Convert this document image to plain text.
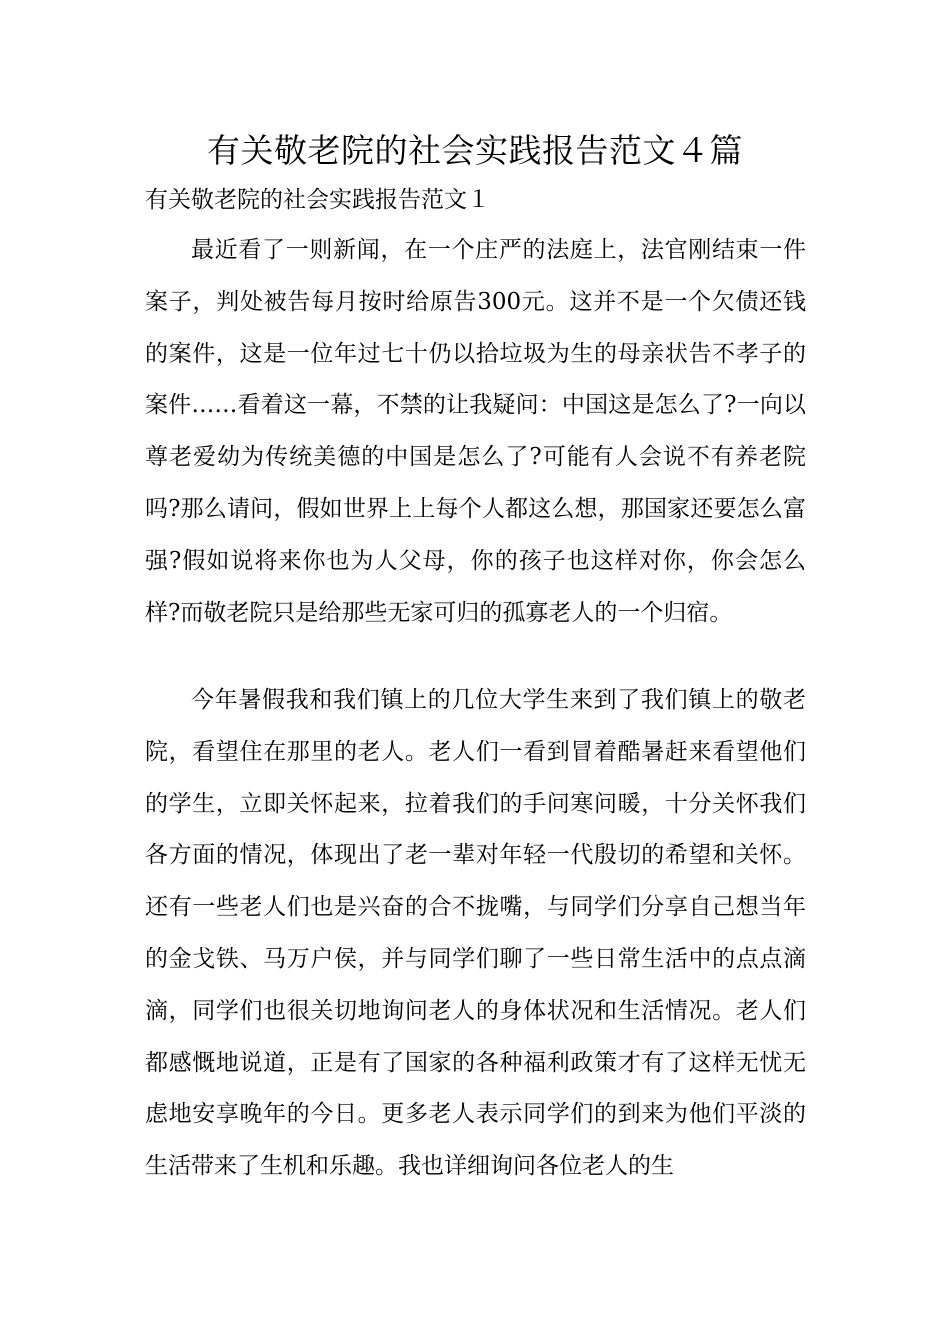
有关敬老院的社会实践报告范文４篇
有关敬老院的社会实践报告范文１

最近看了一则新闻，在一个庄严的法庭上，法官刚结束一件案子，判处被告每月按时给原告300元。这并不是一个欠债还钱的案件，这是一位年过七十仍以拾垃圾为生的母亲状告不孝子的案件……看着这一幕，不禁的让我疑问：中国这是怎么了?一向以尊老爱幼为传统美德的中国是怎么了?可能有人会说不有养老院吗?那么请问，假如世界上上每个人都这么想，那国家还要怎么富强?假如说将来你也为人父母，你的孩子也这样对你，你会怎么样?而敬老院只是给那些无家可归的孤寡老人的一个归宿。

今年暑假我和我们镇上的几位大学生来到了我们镇上的敬老院，看望住在那里的老人。老人们一看到冒着酷暑赶来看望他们的学生，立即关怀起来，拉着我们的手问寒问暖，十分关怀我们各方面的情况，体现出了老一辈对年轻一代殷切的希望和关怀。还有一些老人们也是兴奋的合不拢嘴，与同学们分享自己想当年的金戈铁、马万户侯，并与同学们聊了一些日常生活中的点点滴滴，同学们也很关切地询问老人的身体状况和生活情况。老人们都感慨地说道，正是有了国家的各种福利政策才有了这样无忧无虑地安享晚年的今日。更多老人表示同学们的到来为他们平淡的生活带来了生机和乐趣。我也详细询问各位老人的生
